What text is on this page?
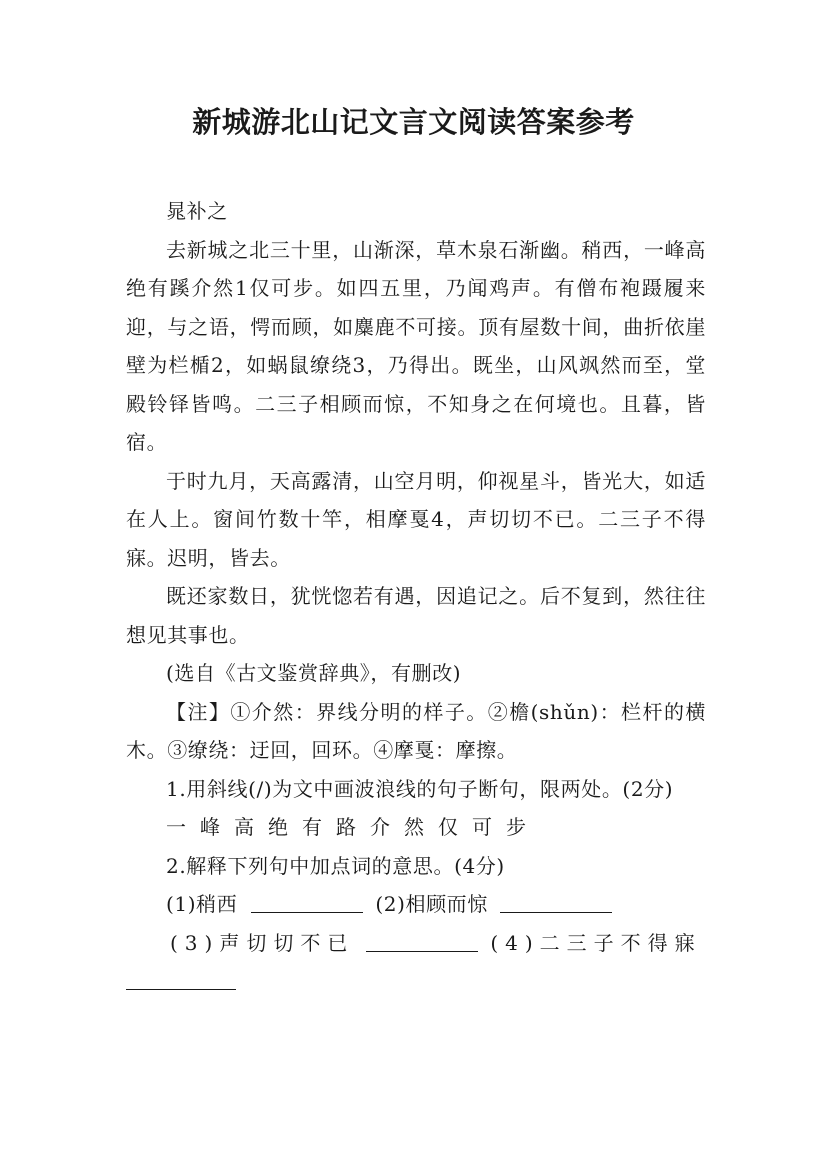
新城游北山记文言文阅读答案参考

晁补之

去新城之北三十里，山渐深，草木泉石渐幽。稍西，一峰高绝有蹊介然1仅可步。如四五里，乃闻鸡声。有僧布袍蹑履来迎，与之语，愕而顾，如麋鹿不可接。顶有屋数十间，曲折依崖壁为栏楯2，如蜗鼠缭绕3，乃得出。既坐，山风飒然而至，堂殿铃铎皆鸣。二三子相顾而惊，不知身之在何境也。且暮，皆宿。

于时九月，天高露清，山空月明，仰视星斗，皆光大，如适在人上。窗间竹数十竿，相摩戛4，声切切不已。二三子不得寐。迟明，皆去。

既还家数日，犹恍惚若有遇，因追记之。后不复到，然往往想见其事也。

(选自《古文鉴赏辞典》，有删改)

【注】①介然：界线分明的样子。②檐(shǔn)：栏杆的横木。③缭绕：迂回，回环。④摩戛：摩擦。

1.用斜线(/)为文中画波浪线的句子断句，限两处。(2分)

一峰高绝有路介然仅可步

2.解释下列句中加点词的意思。(4分)

(1)稍西	(2)相顾而惊

(3)声切切不已	(4)二三子不得寐
